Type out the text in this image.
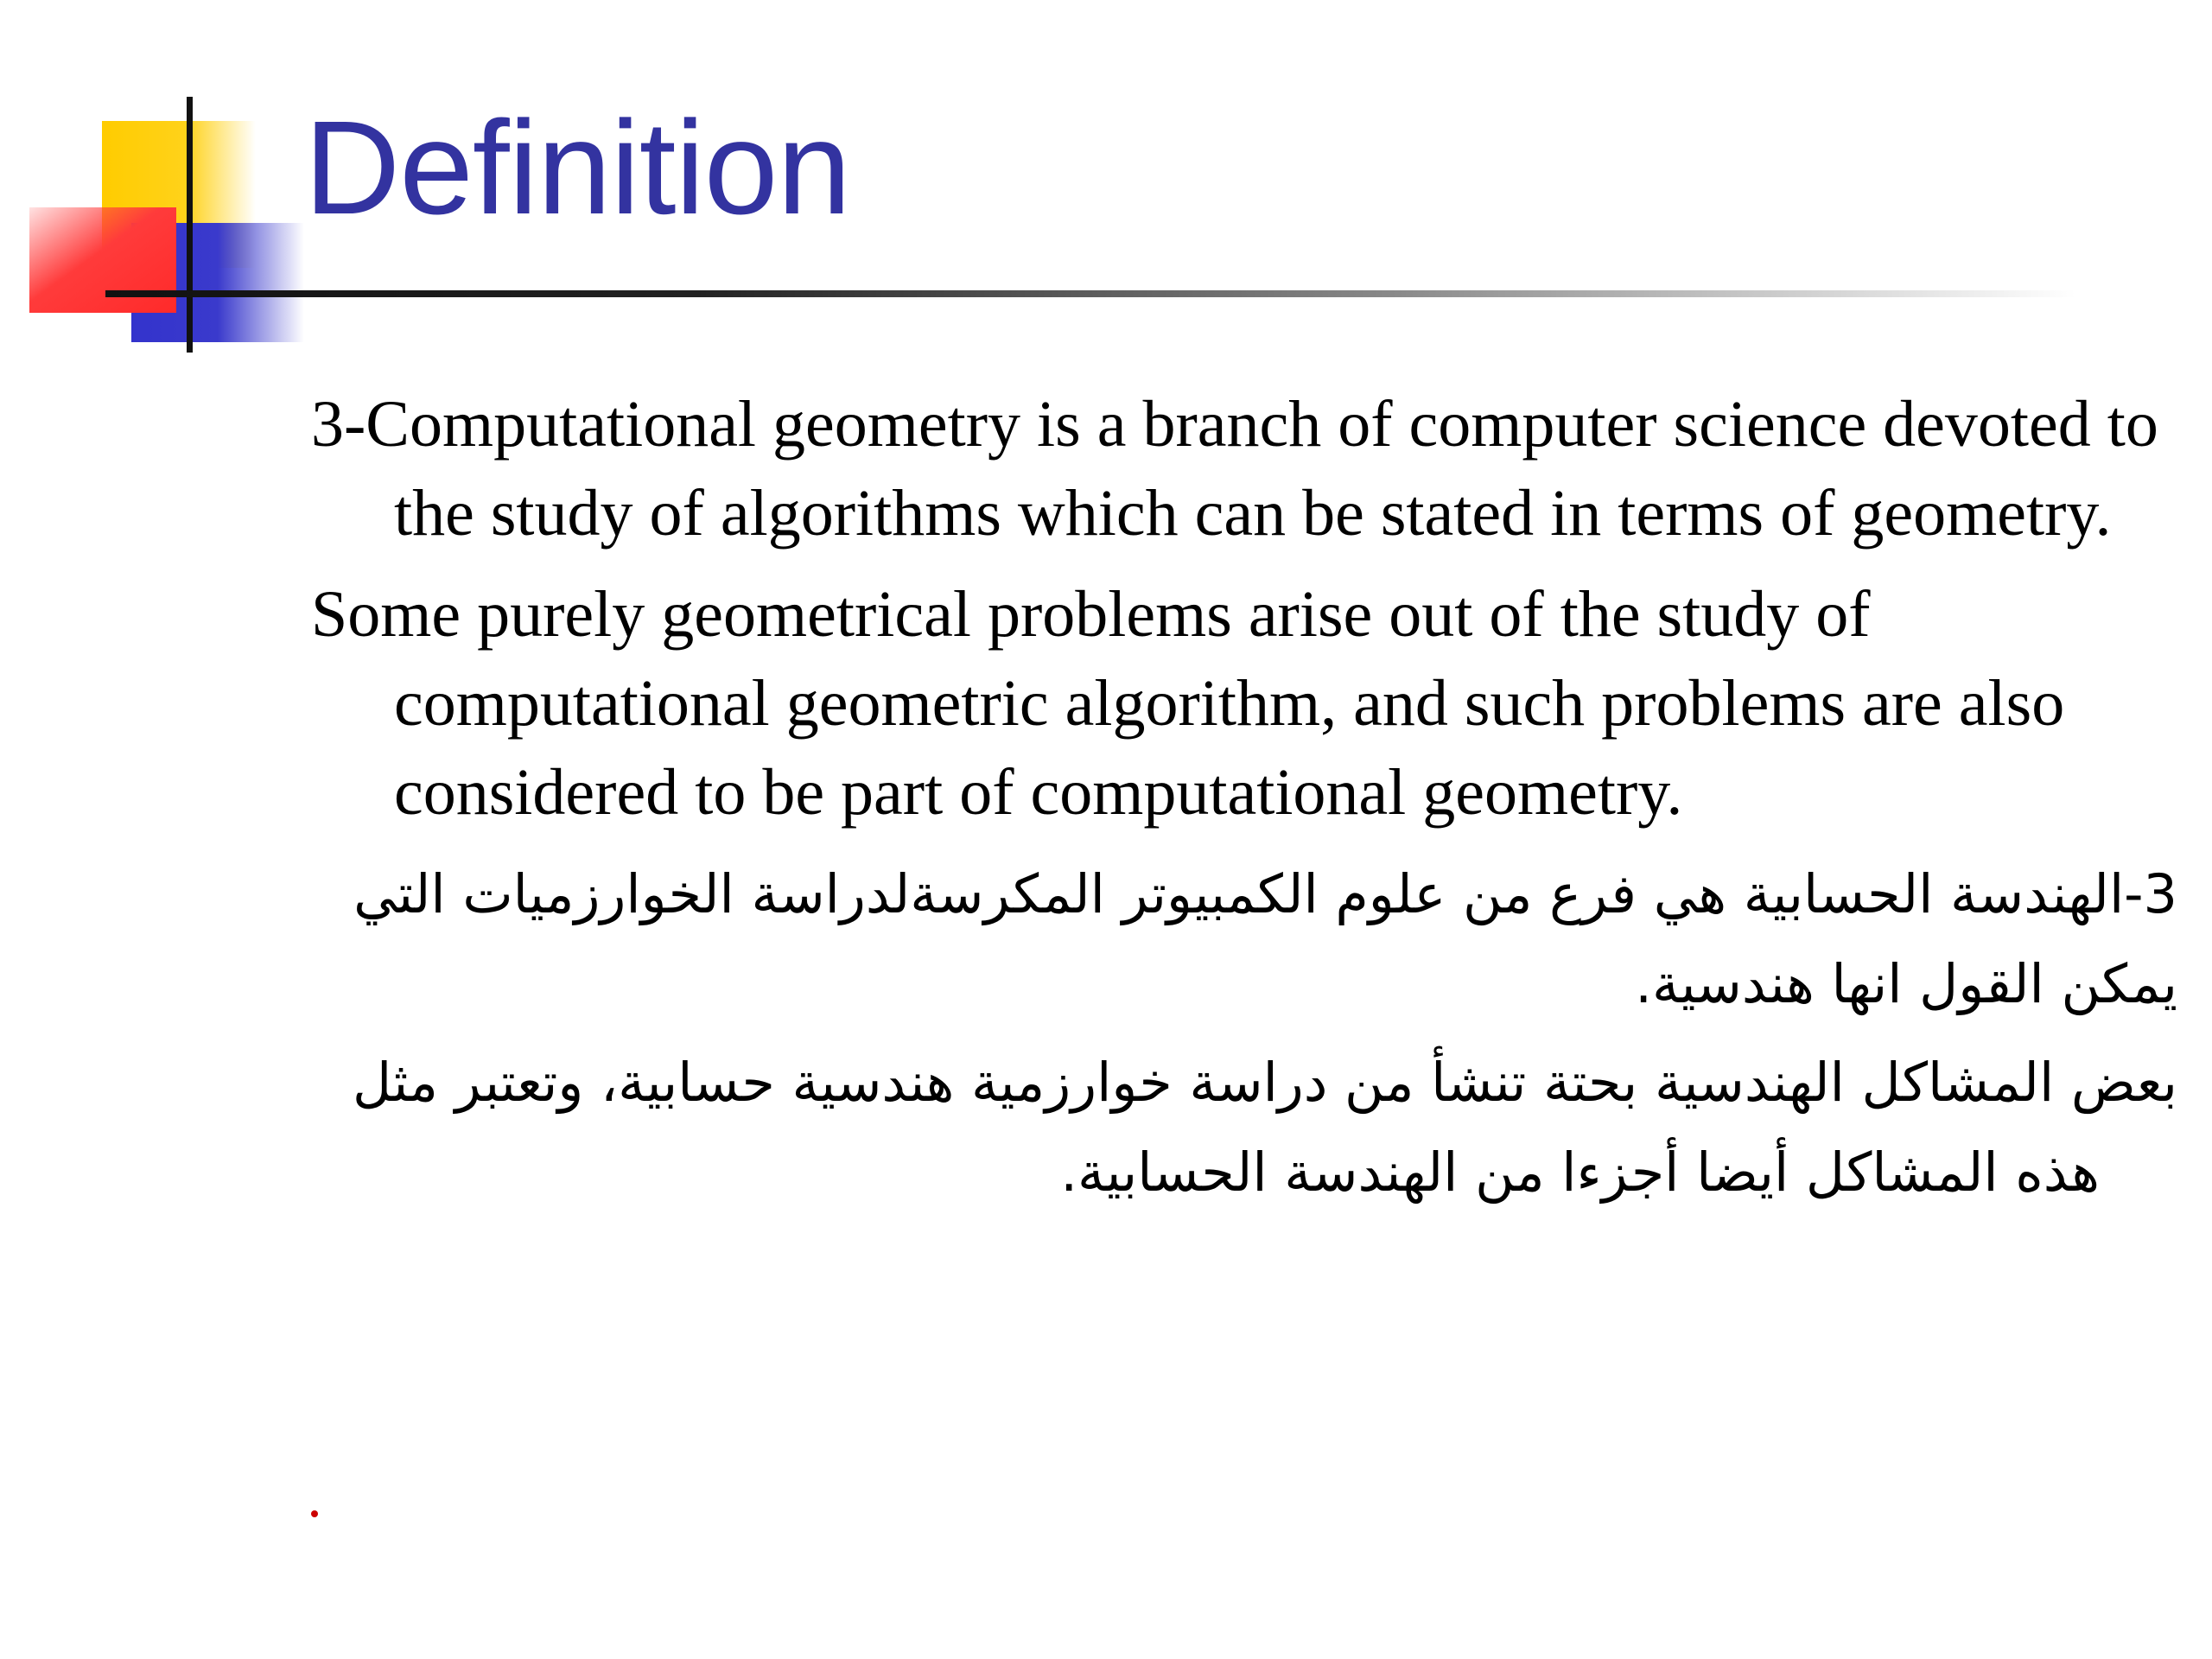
Definition

3-Computational geometry is a branch of computer science devoted to the study of algorithms which can be stated in terms of geometry.

Some purely geometrical problems arise out of the study of computational geometric algorithm, and such problems are also considered to be part of computational geometry.

3-الهندسة الحسابية هي فرع من علوم الكمبيوتر المكرسةلدراسة الخوارزميات التي يمكن القول انها هندسية.

بعض المشاكل الهندسية بحتة تنشأ من دراسة خوارزمية هندسية حسابية، وتعتبر مثل هذه المشاكل أيضا أجزءا من الهندسة الحسابية.
